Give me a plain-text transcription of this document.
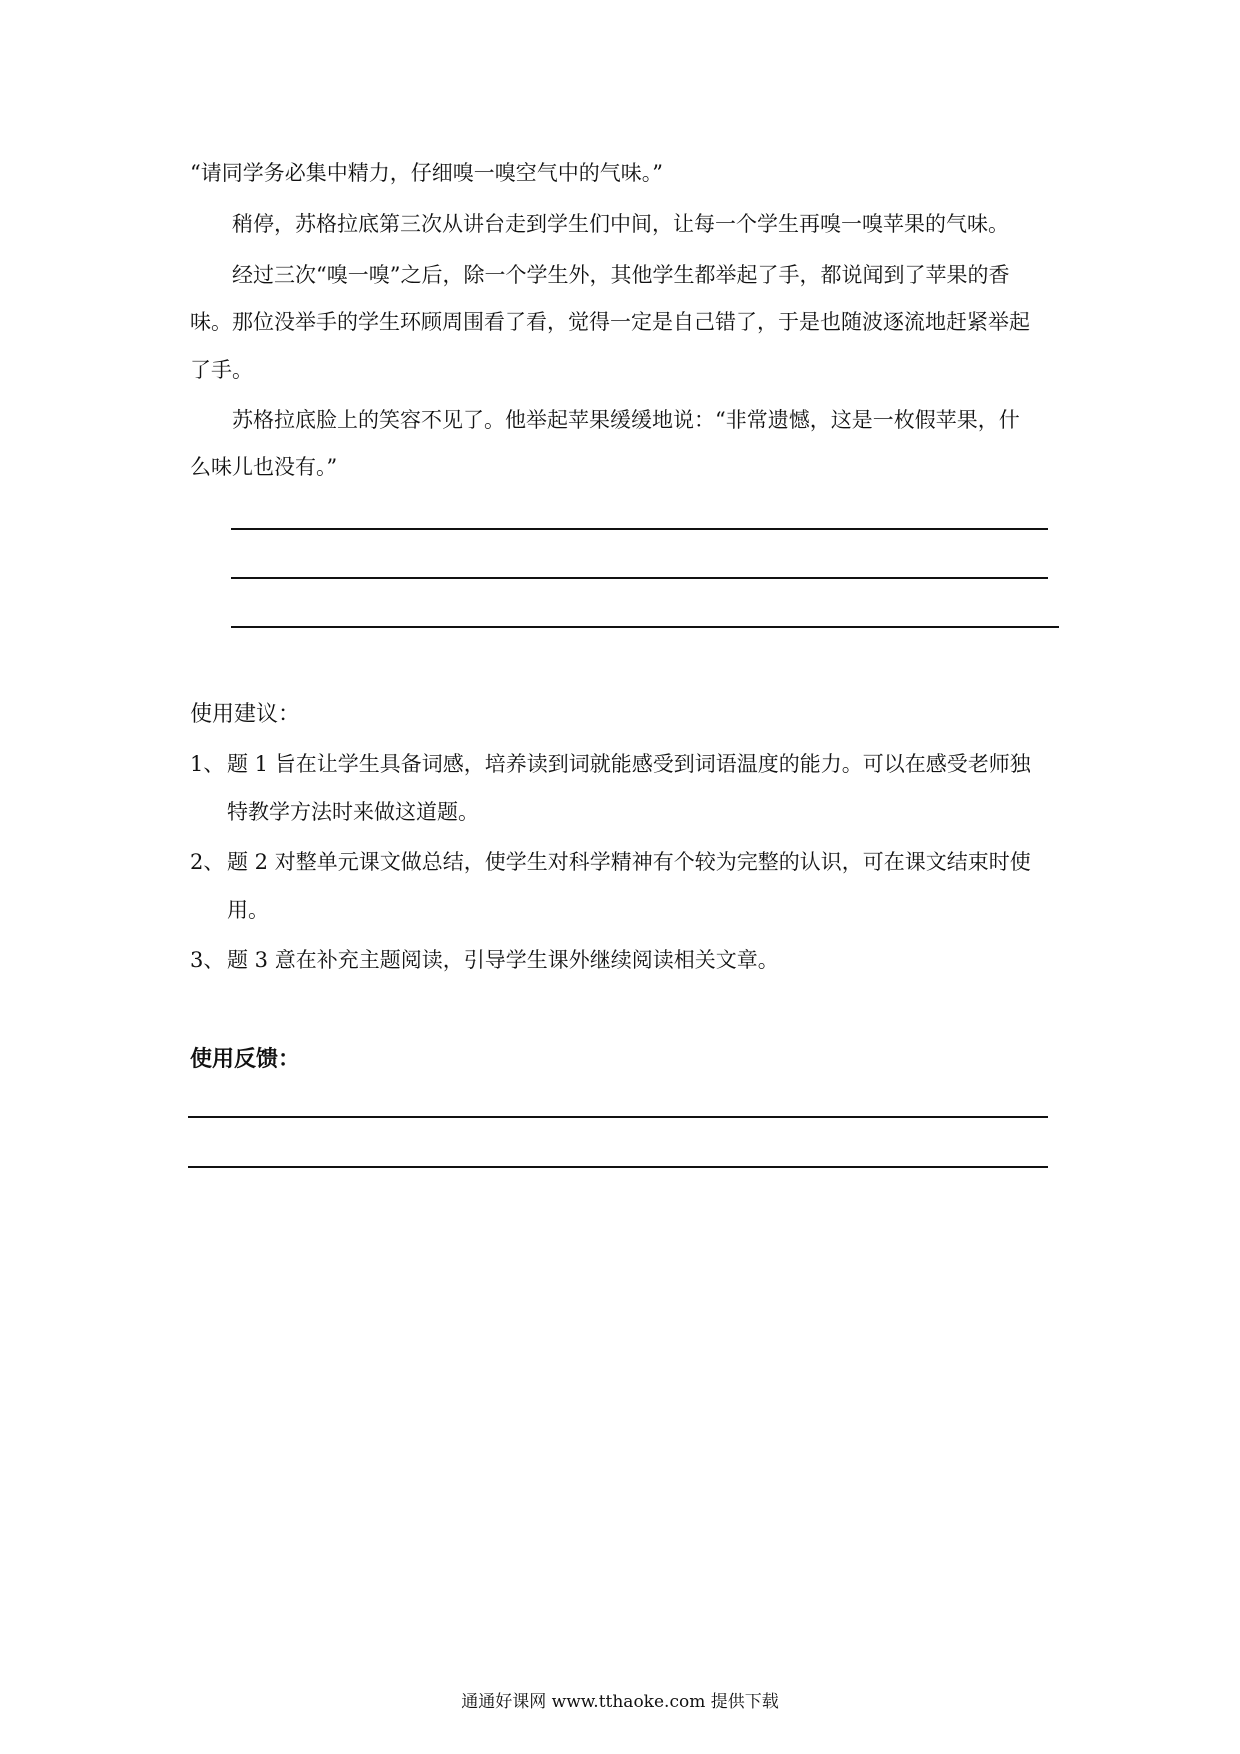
“请同学务必集中精力，仔细嗅一嗅空气中的气味。”
稍停，苏格拉底第三次从讲台走到学生们中间，让每一个学生再嗅一嗅苹果的气味。
经过三次“嗅一嗅”之后，除一个学生外，其他学生都举起了手，都说闻到了苹果的香
味。那位没举手的学生环顾周围看了看，觉得一定是自己错了，于是也随波逐流地赶紧举起
了手。
苏格拉底脸上的笑容不见了。他举起苹果缓缓地说：“非常遗憾，这是一枚假苹果，什
么味儿也没有。”
使用建议：
1、 题 1 旨在让学生具备词感，培养读到词就能感受到词语温度的能力。可以在感受老师独
特教学方法时来做这道题。
2、 题 2 对整单元课文做总结，使学生对科学精神有个较为完整的认识，可在课文结束时使
用。
3、 题 3 意在补充主题阅读，引导学生课外继续阅读相关文章。
使用反馈：
通通好课网 www.tthaoke.com 提供下载
